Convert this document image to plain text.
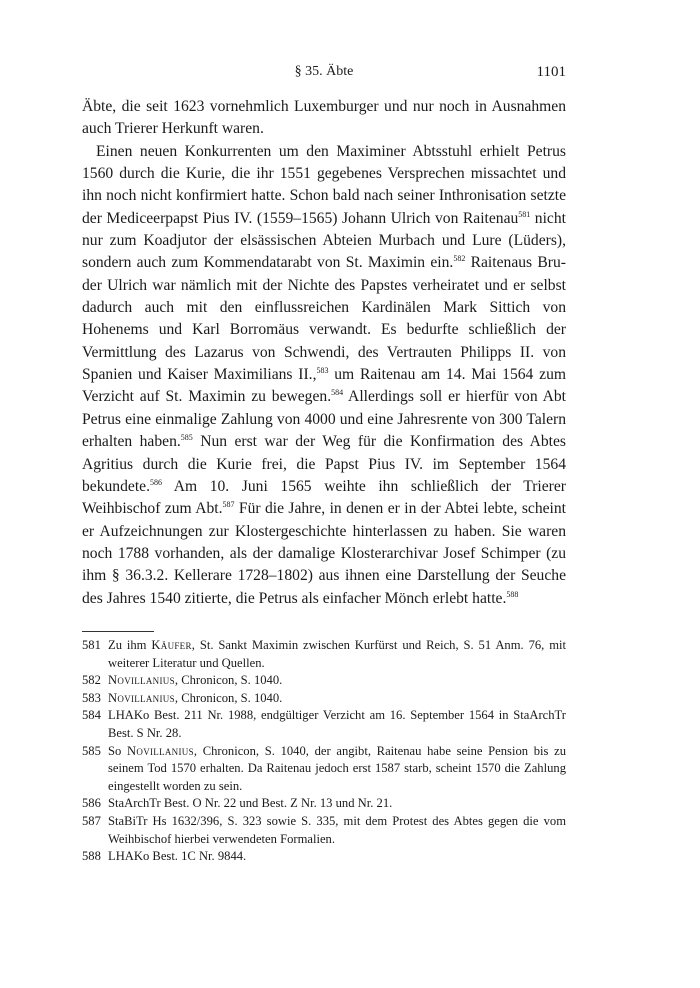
§ 35. Äbte	1101

Äbte, die seit 1623 vornehmlich Luxemburger und nur noch in Ausnahmen auch Trierer Herkunft waren.

Einen neuen Konkurrenten um den Maximiner Abtsstuhl erhielt Petrus 1560 durch die Kurie, die ihr 1551 gegebenes Versprechen missachtet und ihn noch nicht konfirmiert hatte. Schon bald nach seiner Inthronisation setzte der Mediceerpapst Pius IV. (1559–1565) Johann Ulrich von Raitenau$^{581}$ nicht nur zum Koadjutor der elsässischen Abteien Murbach und Lure (Lüders), sondern auch zum Kommendatarabt von St. Maximin ein.$^{582}$ Raitenaus Bruder Ulrich war nämlich mit der Nichte des Papstes verheiratet und er selbst dadurch auch mit den einflussreichen Kardinälen Mark Sittich von Hohenems und Karl Borromäus verwandt. Es bedurfte schließlich der Vermittlung des Lazarus von Schwendi, des Vertrauten Philipps II. von Spanien und Kaiser Maximilians II.,$^{583}$ um Raitenau am 14. Mai 1564 zum Verzicht auf St. Maximin zu bewegen.$^{584}$ Allerdings soll er hierfür von Abt Petrus eine einmalige Zahlung von 4000 und eine Jahresrente von 300 Talern erhalten haben.$^{585}$ Nun erst war der Weg für die Konfirmation des Abtes Agritius durch die Kurie frei, die Papst Pius IV. im September 1564 bekundete.$^{586}$ Am 10. Juni 1565 weihte ihn schließlich der Trierer Weihbischof zum Abt.$^{587}$ Für die Jahre, in denen er in der Abtei lebte, scheint er Aufzeichnungen zur Klostergeschichte hinterlassen zu haben. Sie waren noch 1788 vorhanden, als der damalige Klosterarchivar Josef Schimper (zu ihm § 36.3.2. Kellerare 1728–1802) aus ihnen eine Darstellung der Seuche des Jahres 1540 zitierte, die Petrus als einfacher Mönch erlebt hatte.$^{588}$

581 Zu ihm Käufer, St. Sankt Maximin zwischen Kurfürst und Reich, S. 51 Anm. 76, mit weiterer Literatur und Quellen.
582 Novillanius, Chronicon, S. 1040.
583 Novillanius, Chronicon, S. 1040.
584 LHAKo Best. 211 Nr. 1988, endgültiger Verzicht am 16. September 1564 in StaArchTr Best. S Nr. 28.
585 So Novillanius, Chronicon, S. 1040, der angibt, Raitenau habe seine Pension bis zu seinem Tod 1570 erhalten. Da Raitenau jedoch erst 1587 starb, scheint 1570 die Zahlung eingestellt worden zu sein.
586 StaArchTr Best. O Nr. 22 und Best. Z Nr. 13 und Nr. 21.
587 StaBiTr Hs 1632/396, S. 323 sowie S. 335, mit dem Protest des Abtes gegen die vom Weihbischof hierbei verwendeten Formalien.
588 LHAKo Best. 1C Nr. 9844.
